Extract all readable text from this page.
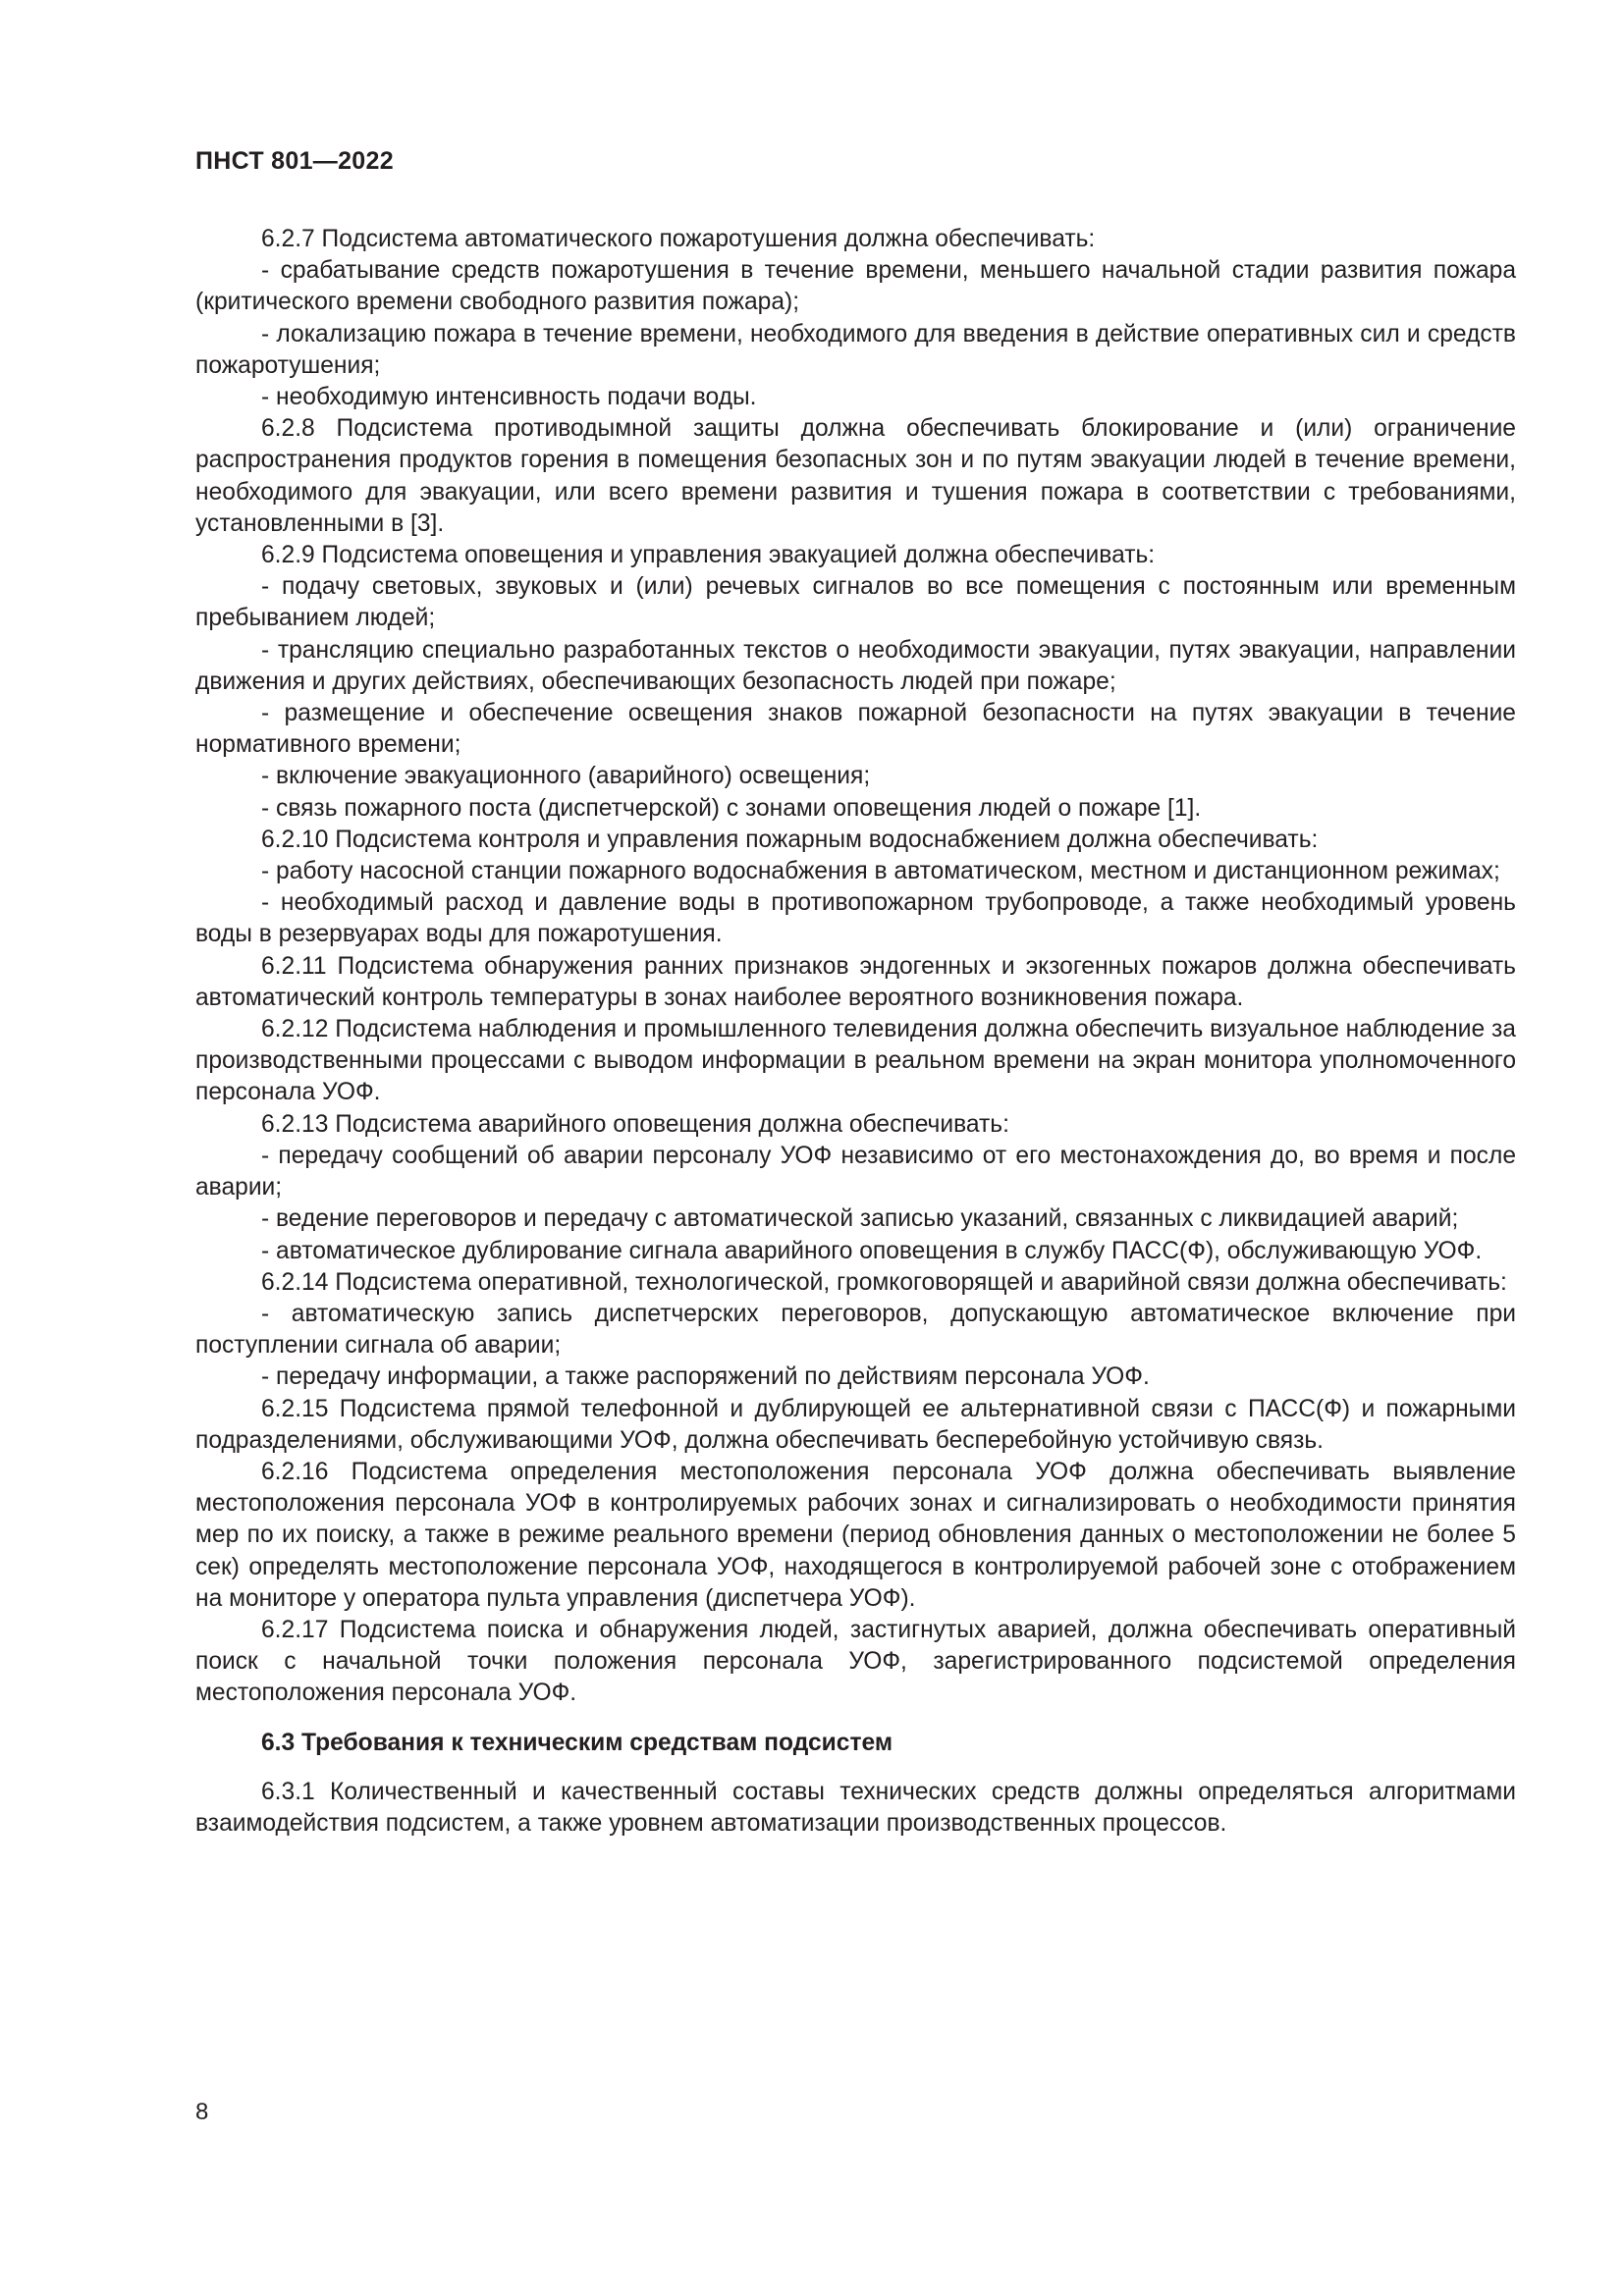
ПНСТ 801—2022

6.2.7 Подсистема автоматического пожаротушения должна обеспечивать:

- срабатывание средств пожаротушения в течение времени, меньшего начальной стадии развития пожара (критического времени свободного развития пожара);

- локализацию пожара в течение времени, необходимого для введения в действие оперативных сил и средств пожаротушения;

- необходимую интенсивность подачи воды.

6.2.8 Подсистема противодымной защиты должна обеспечивать блокирование и (или) ограничение распространения продуктов горения в помещения безопасных зон и по путям эвакуации людей в течение времени, необходимого для эвакуации, или всего времени развития и тушения пожара в соответствии с требованиями, установленными в [3].

6.2.9 Подсистема оповещения и управления эвакуацией должна обеспечивать:

- подачу световых, звуковых и (или) речевых сигналов во все помещения с постоянным или временным пребыванием людей;

- трансляцию специально разработанных текстов о необходимости эвакуации, путях эвакуации, направлении движения и других действиях, обеспечивающих безопасность людей при пожаре;

- размещение и обеспечение освещения знаков пожарной безопасности на путях эвакуации в течение нормативного времени;

- включение эвакуационного (аварийного) освещения;

- связь пожарного поста (диспетчерской) с зонами оповещения людей о пожаре [1].

6.2.10 Подсистема контроля и управления пожарным водоснабжением должна обеспечивать:

- работу насосной станции пожарного водоснабжения в автоматическом, местном и дистанционном режимах;

- необходимый расход и давление воды в противопожарном трубопроводе, а также необходимый уровень воды в резервуарах воды для пожаротушения.

6.2.11 Подсистема обнаружения ранних признаков эндогенных и экзогенных пожаров должна обеспечивать автоматический контроль температуры в зонах наиболее вероятного возникновения пожара.

6.2.12 Подсистема наблюдения и промышленного телевидения должна обеспечить визуальное наблюдение за производственными процессами с выводом информации в реальном времени на экран монитора уполномоченного персонала УОФ.

6.2.13 Подсистема аварийного оповещения должна обеспечивать:

- передачу сообщений об аварии персоналу УОФ независимо от его местонахождения до, во время и после аварии;

- ведение переговоров и передачу с автоматической записью указаний, связанных с ликвидацией аварий;

- автоматическое дублирование сигнала аварийного оповещения в службу ПАСС(Ф), обслуживающую УОФ.

6.2.14 Подсистема оперативной, технологической, громкоговорящей и аварийной связи должна обеспечивать:

- автоматическую запись диспетчерских переговоров, допускающую автоматическое включение при поступлении сигнала об аварии;

- передачу информации, а также распоряжений по действиям персонала УОФ.

6.2.15 Подсистема прямой телефонной и дублирующей ее альтернативной связи с ПАСС(Ф) и пожарными подразделениями, обслуживающими УОФ, должна обеспечивать бесперебойную устойчивую связь.

6.2.16 Подсистема определения местоположения персонала УОФ должна обеспечивать выявление местоположения персонала УОФ в контролируемых рабочих зонах и сигнализировать о необходимости принятия мер по их поиску, а также в режиме реального времени (период обновления данных о местоположении не более 5 сек) определять местоположение персонала УОФ, находящегося в контролируемой рабочей зоне с отображением на мониторе у оператора пульта управления (диспетчера УОФ).

6.2.17 Подсистема поиска и обнаружения людей, застигнутых аварией, должна обеспечивать оперативный поиск с начальной точки положения персонала УОФ, зарегистрированного подсистемой определения местоположения персонала УОФ.

6.3 Требования к техническим средствам подсистем

6.3.1 Количественный и качественный составы технических средств должны определяться алгоритмами взаимодействия подсистем, а также уровнем автоматизации производственных процессов.

8
